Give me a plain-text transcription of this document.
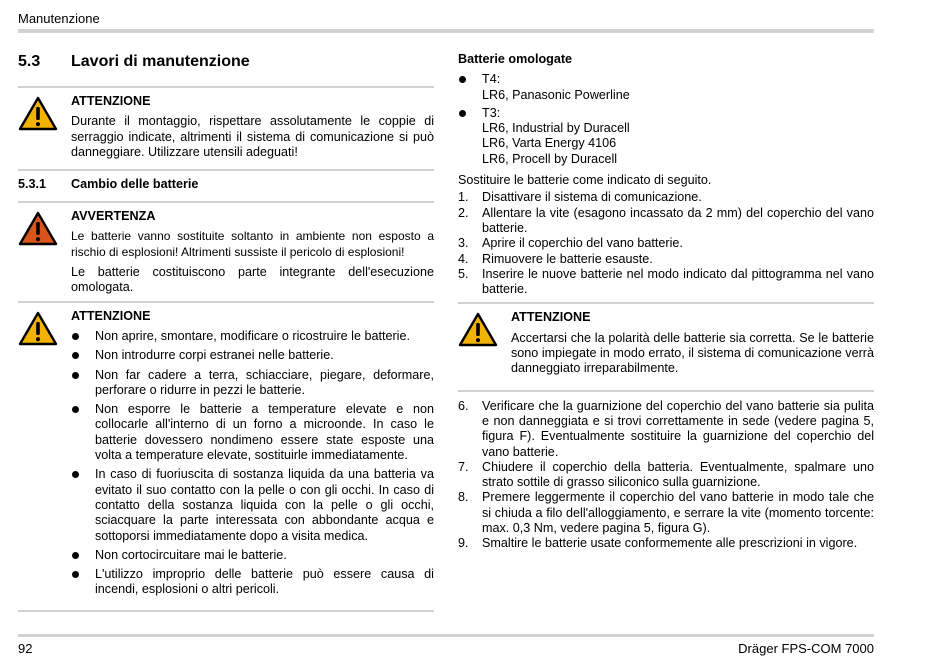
Manutenzione
5.3	Lavori di manutenzione
ATTENZIONE

Durante il montaggio, rispettare assolutamente le coppie di serraggio indicate, altrimenti il sistema di comunicazione si può danneggiare. Utilizzare utensili adeguati!

5.3.1	Cambio delle batterie
AVVERTENZA

Le batterie vanno sostituite soltanto in ambiente non esposto a rischio di esplosioni! Altrimenti sussiste il pericolo di esplosioni!

Le batterie costituiscono parte integrante dell'esecuzione omologata.

ATTENZIONE
Non aprire, smontare, modificare o ricostruire le batterie.
Non introdurre corpi estranei nelle batterie.
Non far cadere a terra, schiacciare, piegare, deformare, perforare o ridurre in pezzi le batterie.
Non esporre le batterie a temperature elevate e non collocarle all'interno di un forno a microonde. In caso le batterie dovessero nondimeno essere state esposte una volta a temperature elevate, sostituirle immediatamente.
In caso di fuoriuscita di sostanza liquida da una batteria va evitato il suo contatto con la pelle o con gli occhi. In caso di contatto della sostanza liquida con la pelle o gli occhi, sciacquare la parte interessata con abbondante acqua e sottoporsi immediatamente dopo a visita medica.
Non cortocircuitare mai le batterie.
L'utilizzo improprio delle batterie può essere causa di incendi, esplosioni o altri pericoli.
Batterie omologate
T4:
LR6, Panasonic Powerline
T3:
LR6, Industrial by Duracell
LR6, Varta Energy 4106
LR6, Procell by Duracell

Sostituire le batterie come indicato di seguito.

1.	Disattivare il sistema di comunicazione.
2.	Allentare la vite (esagono incassato da 2 mm) del coperchio del vano batterie.
3.	Aprire il coperchio del vano batterie.
4.	Rimuovere le batterie esauste.
5.	Inserire le nuove batterie nel modo indicato dal pittogramma nel vano batterie.
ATTENZIONE

Accertarsi che la polarità delle batterie sia corretta. Se le batterie sono impiegate in modo errato, il sistema di comunicazione verrà danneggiato irreparabilmente.

6.	Verificare che la guarnizione del coperchio del vano batterie sia pulita e non danneggiata e si trovi correttamente in sede (vedere pagina 5, figura F). Eventualmente sostituire la guarnizione del coperchio del vano batterie.
7.	Chiudere il coperchio della batteria. Eventualmente, spalmare uno strato sottile di grasso siliconico sulla guarnizione.
8.	Premere leggermente il coperchio del vano batterie in modo tale che si chiuda a filo dell'alloggiamento, e serrare la vite (momento torcente: max. 0,3 Nm, vedere pagina 5, figura G).
9.	Smaltire le batterie usate conformemente alle prescrizioni in vigore.
92	Dräger FPS-COM 7000
